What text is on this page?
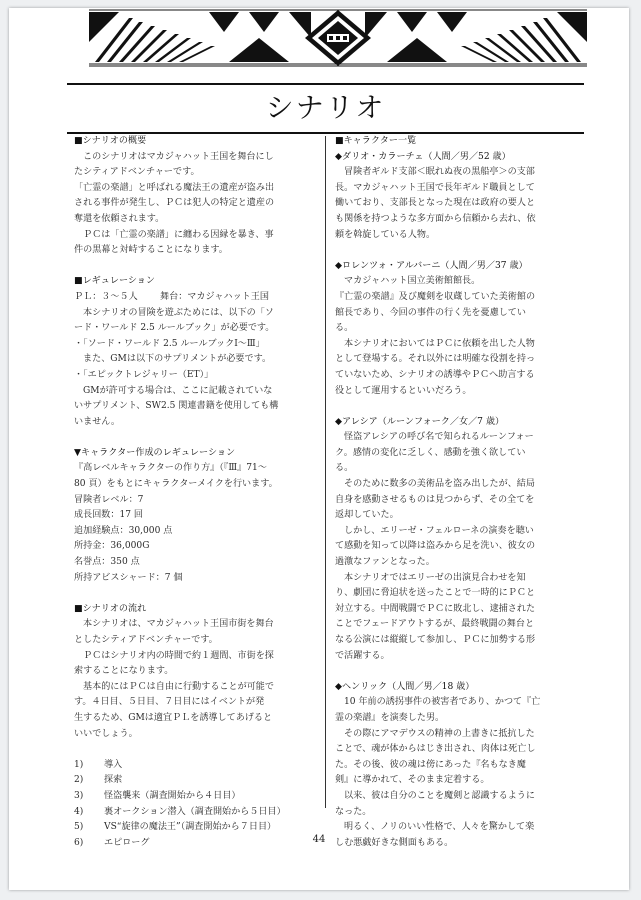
シナリオ
■シナリオの概要
このシナリオはマカジャハット王国を舞台にし
たシティアドベンチャーです。
「亡霊の楽譜」と呼ばれる魔法王の遺産が盗み出
される事件が発生し、ＰＣは犯人の特定と遺産の
奪還を依頼されます。
ＰＣは「亡霊の楽譜」に纏わる因縁を暴き、事
件の黒幕と対峙することになります。
■レギュレーション
ＰＬ：３～５人 舞台：マカジャハット王国
本シナリオの冒険を遊ぶためには、以下の「ソ
ード・ワールド 2.5 ルールブック」が必要です。
・「ソード・ワールド 2.5 ルールブックⅠ～Ⅲ」
また、GMは以下のサプリメントが必要です。
・「エピックトレジャリー（ET）」
GMが許可する場合は、ここに記載されていな
いサプリメント、SW2.5 関連書籍を使用しても構
いません。
▼キャラクター作成のレギュレーション
『高レベルキャラクターの作り方』（『Ⅲ』71～
80 頁）をもとにキャラクターメイクを行います。
冒険者レベル：7
成長回数：17 回
追加経験点：30,000 点
所持金：36,000G
名誉点：350 点
所持アビスシャード：7 個
■シナリオの流れ
本シナリオは、マカジャハット王国市街を舞台
としたシティアドベンチャーです。
ＰＣはシナリオ内の時間で約１週間、市街を探
索することになります。
基本的にはＰＣは自由に行動することが可能で
す。４日目、５日目、７日目にはイベントが発
生するため、GMは適宜ＰＬを誘導してあげると
いいでしょう。
1) 導入
2) 探索
3) 怪盗襲来（調査開始から４日目）
4) 裏オークション潜入（調査開始から５日目）
5) VS“旋律の魔法王”（調査開始から７日目）
6) エピローグ
■キャラクター一覧
◆ダリオ・カラーチェ（人間／男／52 歳）
冒険者ギルド支部＜眠れぬ夜の黒船亭＞の支部
長。マカジャハット王国で長年ギルド職員として
働いており、支部長となった現在は政府の要人と
も関係を持つような多方面から信頼から去れ、依
頼を斡旋している人物。
◆ロレンツォ・アルバーニ（人間／男／37 歳）
マカジャハット国立美術館館長。
『亡霊の楽譜』及び魔剣を収蔵していた美術館の
館長であり、今回の事件の行く先を憂慮してい
る。
本シナリオにおいてはＰＣに依頼を出した人物
として登場する。それ以外には明確な役割を持っ
ていないため、シナリオの誘導やＰＣへ助言する
役として運用するといいだろう。
◆アレシア（ルーンフォーク／女／7 歳）
怪盗アレシアの呼び名で知られるルーンフォー
ク。感情の変化に乏しく、感動を強く欲してい
る。
そのために数多の美術品を盗み出したが、結局
自身を感動させるものは見つからず、その全てを
返却していた。
しかし、エリーゼ・フェルローネの演奏を聴い
て感動を知って以降は盗みから足を洗い、彼女の
過激なファンとなった。
本シナリオではエリーゼの出演見合わせを知
り、劇団に脅迫状を送ったことで一時的にＰＣと
対立する。中間戦闘でＰＣに敗北し、逮捕された
ことでフェードアウトするが、最終戦闘の舞台と
なる公演には縦縦して参加し、ＰＣに加勢する形
で活躍する。
◆ヘンリック（人間／男／18 歳）
10 年前の誘拐事件の被害者であり、かつて『亡
霊の楽譜』を演奏した男。
その際にアマデウスの精神の上書きに抵抗した
ことで、魂が体からはじき出され、肉体は死亡し
た。その後、彼の魂は傍にあった『名もなき魔
剣』に導かれて、そのまま定着する。
以来、彼は自分のことを魔剣と認識するように
なった。
明るく、ノリのいい性格で、人々を驚かして楽
しむ悪戯好きな側面もある。
44
